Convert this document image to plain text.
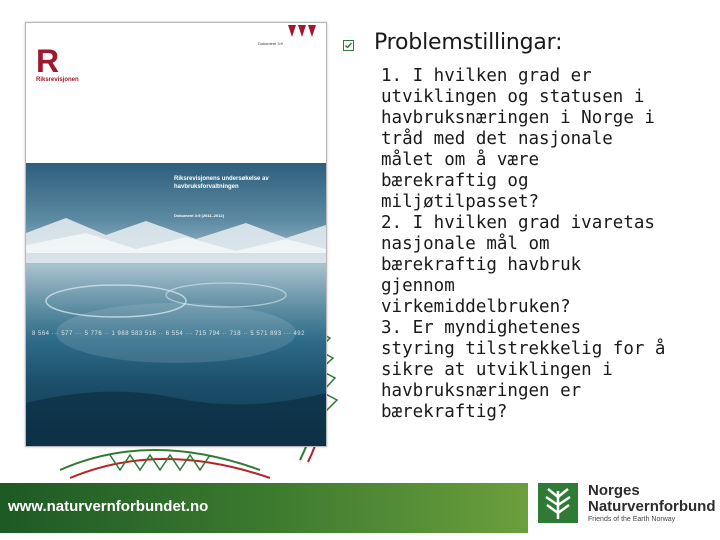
R
Riksrevisjonen
Dokument 3:9
Riksrevisjonens undersøkelse av havbruksforvaltningen
Dokument 3:9 (2011–2012)
8 564 ··· 577 ··· 5 776 ·· 1 988 583 516 ·· 6 554 ··· 715 794 ·· 718 ·· 5 571 893 ··· 492
Problemstillingar:

1. I hvilken grad er
utviklingen og statusen i
havbruksnæringen i Norge i
tråd med det nasjonale
målet om å være
bærekraftig og
miljøtilpasset?

2. I hvilken grad ivaretas
nasjonale mål om
bærekraftig havbruk
gjennom
virkemiddelbruken?

3. Er myndighetenes
styring tilstrekkelig for å
sikre at utviklingen i
havbruksnæringen er
bærekraftig?

www.naturvernforbundet.no
Norges
Naturvernforbund
Friends of the Earth Norway
